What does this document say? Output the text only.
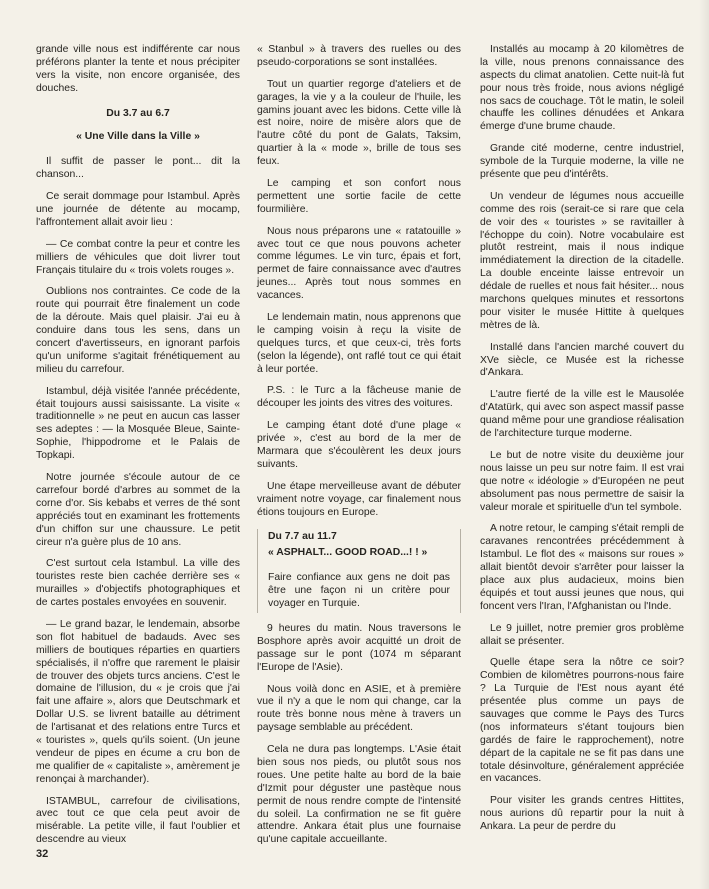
grande ville nous est indifférente car nous préférons planter la tente et nous précipiter vers la visite, non encore organisée, des douches.

Du 3.7 au 6.7

« Une Ville dans la Ville »

Il suffit de passer le pont... dit la chanson...

Ce serait dommage pour Istambul. Après une journée de détente au mocamp, l'affrontement allait avoir lieu :

— Ce combat contre la peur et contre les milliers de véhicules que doit livrer tout Français titulaire du « trois volets rouges ».

Oublions nos contraintes. Ce code de la route qui pourrait être finalement un code de la déroute. Mais quel plaisir. J'ai eu à conduire dans tous les sens, dans un concert d'avertisseurs, en ignorant parfois qu'un uniforme s'agitait frénétiquement au milieu du carrefour.

Istambul, déjà visitée l'année précédente, était toujours aussi saisissante. La visite « traditionnelle » ne peut en aucun cas lasser ses adeptes : — la Mosquée Bleue, Sainte-Sophie, l'hippodrome et le Palais de Topkapi.

Notre journée s'écoule autour de ce carrefour bordé d'arbres au sommet de la corne d'or. Sis kebabs et verres de thé sont appréciés tout en examinant les frottements d'un chiffon sur une chaussure. Le petit cireur n'a guère plus de 10 ans.

C'est surtout cela Istambul. La ville des touristes reste bien cachée derrière ses « murailles » d'objectifs photographiques et de cartes postales envoyées en souvenir.

— Le grand bazar, le lendemain, absorbe son flot habituel de badauds. Avec ses milliers de boutiques réparties en quartiers spécialisés, il n'offre que rarement le plaisir de trouver des objets turcs anciens. C'est le domaine de l'illusion, du « je crois que j'ai fait une affaire », alors que Deutschmark et Dollar U.S. se livrent bataille au détriment de l'artisanat et des relations entre Turcs et « touristes », quels qu'ils soient. (Un jeune vendeur de pipes en écume a cru bon de me qualifier de « capitaliste », amèrement je renonçai à marchander).

ISTAMBUL, carrefour de civilisations, avec tout ce que cela peut avoir de misérable. La petite ville, il faut l'oublier et descendre au vieux

« Stanbul » à travers des ruelles ou des pseudo-corporations se sont installées.

Tout un quartier regorge d'ateliers et de garages, la vie y a la couleur de l'huile, les gamins jouant avec les bidons. Cette ville là est noire, noire de misère alors que de l'autre côté du pont de Galats, Taksim, quartier à la « mode », brille de tous ses feux.

Le camping et son confort nous permettent une sortie facile de cette fourmilière.

Nous nous préparons une « ratatouille » avec tout ce que nous pouvons acheter comme légumes. Le vin turc, épais et fort, permet de faire connaissance avec d'autres jeunes... Après tout nous sommes en vacances.

Le lendemain matin, nous apprenons que le camping voisin à reçu la visite de quelques turcs, et que ceux-ci, très forts (selon la légende), ont raflé tout ce qui était à leur portée.

P.S. : le Turc a la fâcheuse manie de découper les joints des vitres des voitures.

Le camping étant doté d'une plage « privée », c'est au bord de la mer de Marmara que s'écoulèrent les deux jours suivants.

Une étape merveilleuse avant de débuter vraiment notre voyage, car finalement nous étions toujours en Europe.

Du 7.7 au 11.7

« ASPHALT... GOOD ROAD...! ! »

Faire confiance aux gens ne doit pas être une façon ni un critère pour voyager en Turquie.

9 heures du matin. Nous traversons le Bosphore après avoir acquitté un droit de passage sur le pont (1074 m séparant l'Europe de l'Asie).

Nous voilà donc en ASIE, et à première vue il n'y a que le nom qui change, car la route très bonne nous mène à travers un paysage semblable au précédent.

Cela ne dura pas longtemps. L'Asie était bien sous nos pieds, ou plutôt sous nos roues. Une petite halte au bord de la baie d'Izmit pour déguster une pastèque nous permit de nous rendre compte de l'intensité du soleil. La confirmation ne se fit guère attendre. Ankara était plus une fournaise qu'une capitale accueillante.

Installés au mocamp à 20 kilomètres de la ville, nous prenons connaissance des aspects du climat anatolien. Cette nuit-là fut pour nous très froide, nous avions négligé nos sacs de couchage. Tôt le matin, le soleil chauffe les collines dénudées et Ankara émerge d'une brume chaude.

Grande cité moderne, centre industriel, symbole de la Turquie moderne, la ville ne présente que peu d'intérêts.

Un vendeur de légumes nous accueille comme des rois (serait-ce si rare que cela de voir des « touristes » se ravitailler à l'échoppe du coin). Notre vocabulaire est plutôt restreint, mais il nous indique immédiatement la direction de la citadelle. La double enceinte laisse entrevoir un dédale de ruelles et nous fait hésiter... nous marchons quelques minutes et ressortons pour visiter le musée Hittite à quelques mètres de là.

Installé dans l'ancien marché couvert du XVe siècle, ce Musée est la richesse d'Ankara.

L'autre fierté de la ville est le Mausolée d'Atatürk, qui avec son aspect massif passe quand même pour une grandiose réalisation de l'architecture turque moderne.

Le but de notre visite du deuxième jour nous laisse un peu sur notre faim. Il est vrai que notre « idéologie » d'Européen ne peut absolument pas nous permettre de saisir la valeur morale et spirituelle d'un tel symbole.

A notre retour, le camping s'était rempli de caravanes rencontrées précédemment à Istambul. Le flot des « maisons sur roues » allait bientôt devoir s'arrêter pour laisser la place aux plus audacieux, moins bien équipés et tout aussi jeunes que nous, qui foncent vers l'Iran, l'Afghanistan ou l'Inde.

Le 9 juillet, notre premier gros problème allait se présenter.

Quelle étape sera la nôtre ce soir? Combien de kilomètres pourrons-nous faire ? La Turquie de l'Est nous ayant été présentée plus comme un pays de sauvages que comme le Pays des Turcs (nos informateurs s'étant toujours bien gardés de faire le rapprochement), notre départ de la capitale ne se fit pas dans une totale désinvolture, généralement appréciée en vacances.

Pour visiter les grands centres Hittites, nous aurions dû repartir pour la nuit à Ankara. La peur de perdre du

32
